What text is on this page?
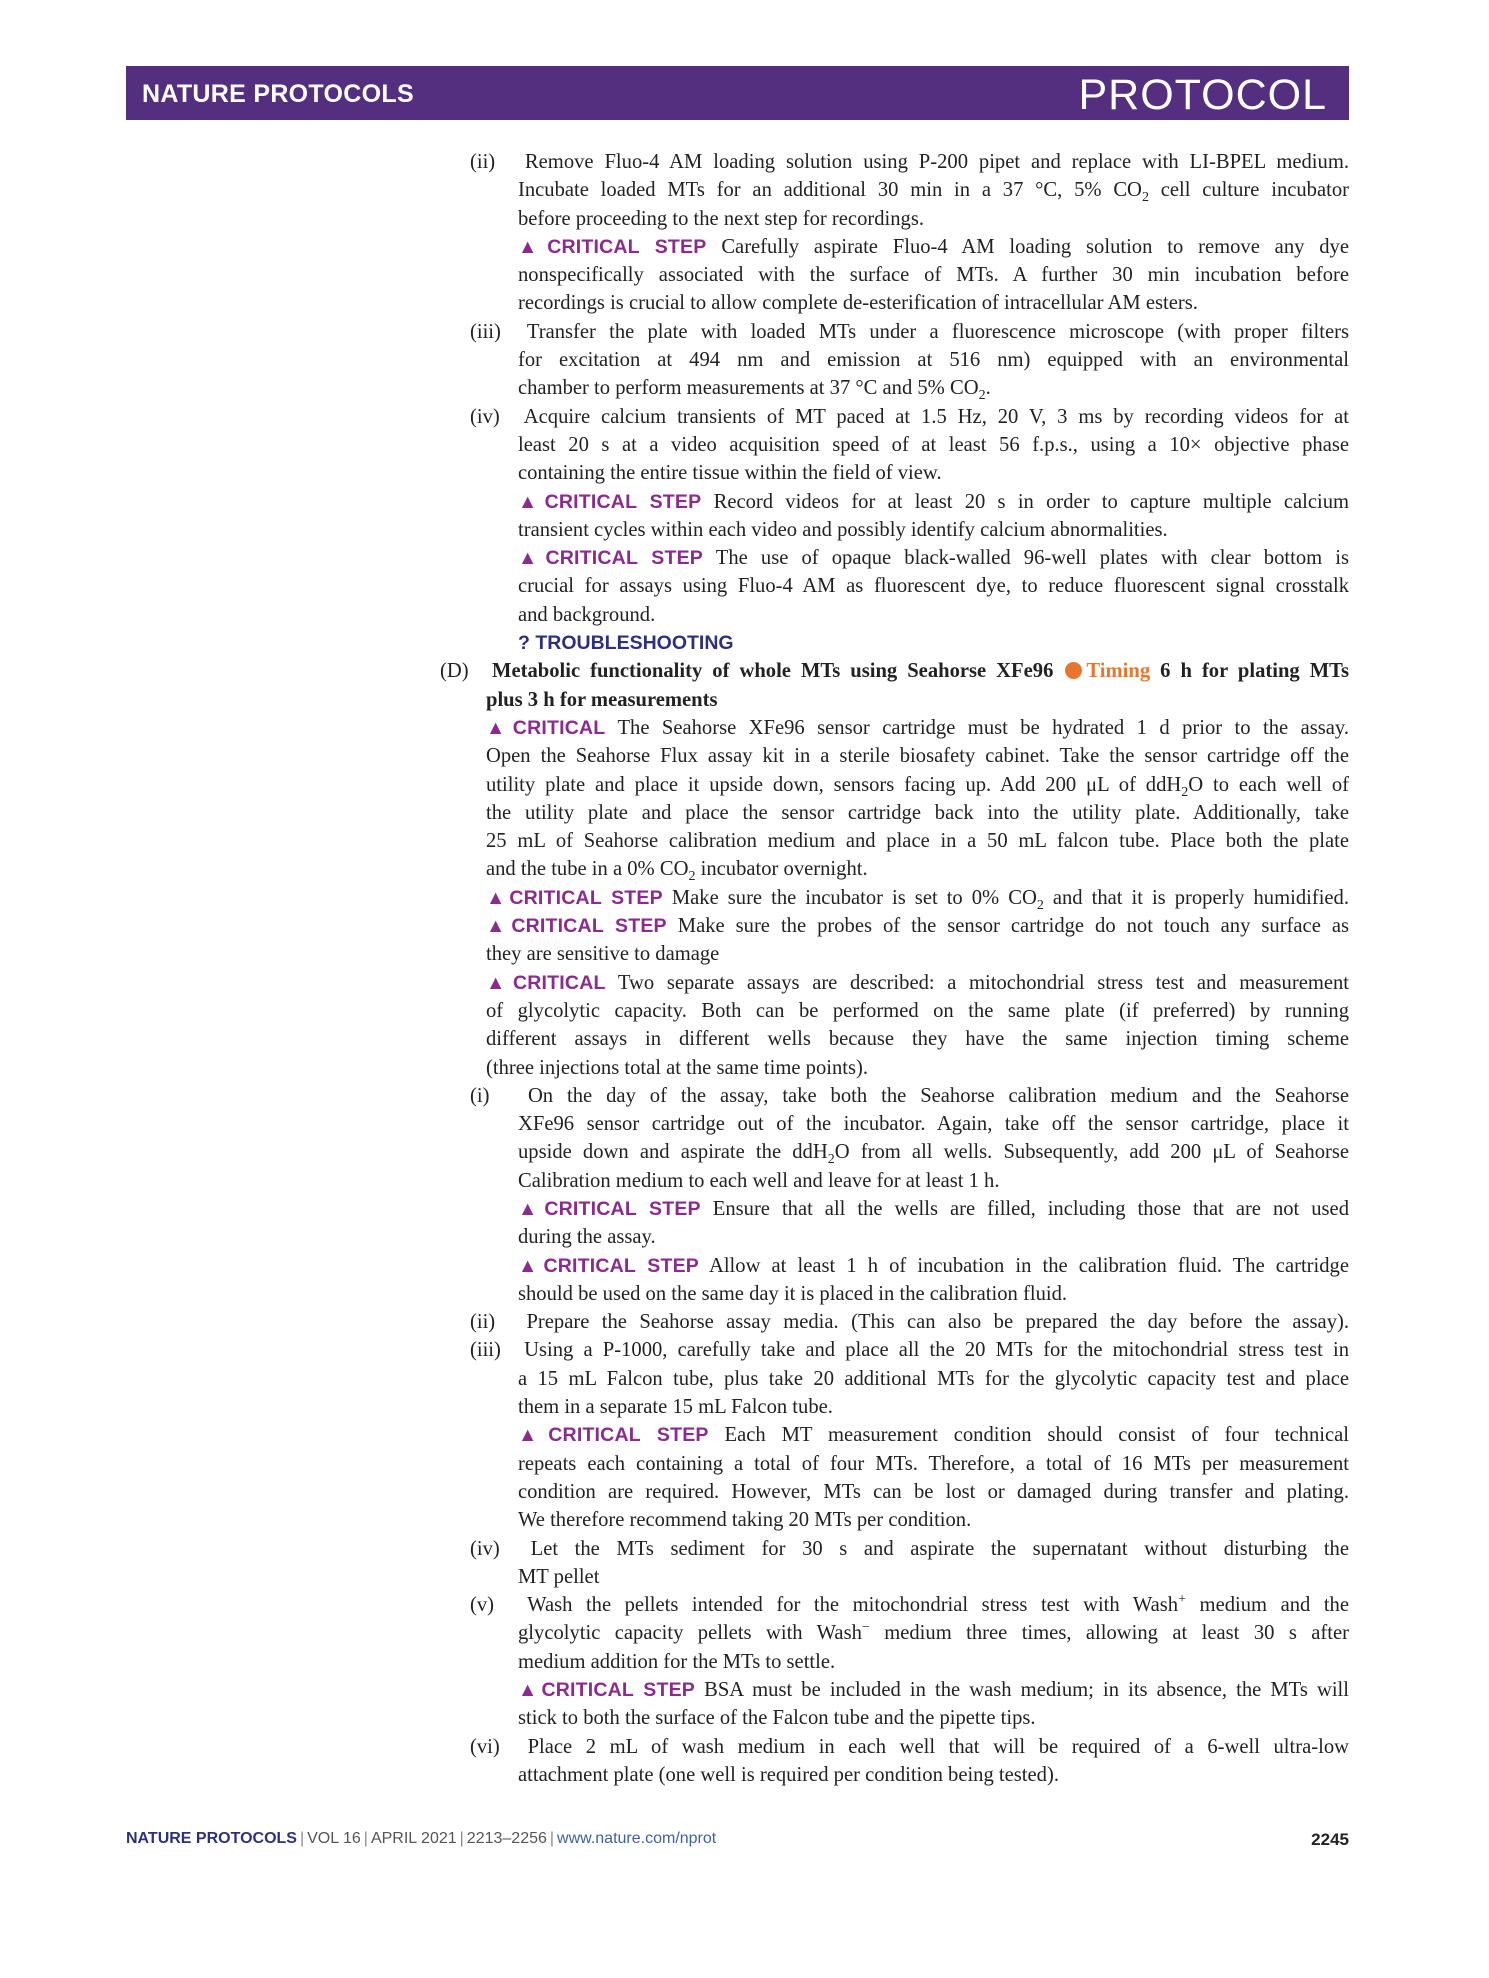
NATURE PROTOCOLS	PROTOCOL
(ii) Remove Fluo-4 AM loading solution using P-200 pipet and replace with LI-BPEL medium.
Incubate loaded MTs for an additional 30 min in a 37 °C, 5% $CO_2$ cell culture incubator
before proceeding to the next step for recordings.
▲CRITICAL STEP Carefully aspirate Fluo-4 AM loading solution to remove any dye
nonspecifically associated with the surface of MTs. A further 30 min incubation before
recordings is crucial to allow complete de-esterification of intracellular AM esters.
(iii) Transfer the plate with loaded MTs under a fluorescence microscope (with proper filters
for excitation at 494 nm and emission at 516 nm) equipped with an environmental
chamber to perform measurements at 37 °C and 5% $CO_2$.
(iv) Acquire calcium transients of MT paced at 1.5 Hz, 20 V, 3 ms by recording videos for at
least 20 s at a video acquisition speed of at least 56 f.p.s., using a 10× objective phase
containing the entire tissue within the field of view.
▲CRITICAL STEP Record videos for at least 20 s in order to capture multiple calcium
transient cycles within each video and possibly identify calcium abnormalities.
▲CRITICAL STEP The use of opaque black-walled 96-well plates with clear bottom is
crucial for assays using Fluo-4 AM as fluorescent dye, to reduce fluorescent signal crosstalk
and background.
? TROUBLESHOOTING
(D) Metabolic functionality of whole MTs using Seahorse XFe96 Timing 6 h for plating MTs
plus 3 h for measurements
▲CRITICAL The Seahorse XFe96 sensor cartridge must be hydrated 1 d prior to the assay.
Open the Seahorse Flux assay kit in a sterile biosafety cabinet. Take the sensor cartridge off the
utility plate and place it upside down, sensors facing up. Add 200 μL of ddH$_2$O to each well of
the utility plate and place the sensor cartridge back into the utility plate. Additionally, take
25 mL of Seahorse calibration medium and place in a 50 mL falcon tube. Place both the plate
and the tube in a 0% $CO_2$ incubator overnight.
▲CRITICAL STEP Make sure the incubator is set to 0% $CO_2$ and that it is properly humidified.
▲CRITICAL STEP Make sure the probes of the sensor cartridge do not touch any surface as
they are sensitive to damage
▲CRITICAL Two separate assays are described: a mitochondrial stress test and measurement
of glycolytic capacity. Both can be performed on the same plate (if preferred) by running
different assays in different wells because they have the same injection timing scheme
(three injections total at the same time points).
(i) On the day of the assay, take both the Seahorse calibration medium and the Seahorse
XFe96 sensor cartridge out of the incubator. Again, take off the sensor cartridge, place it
upside down and aspirate the ddH$_2$O from all wells. Subsequently, add 200 μL of Seahorse
Calibration medium to each well and leave for at least 1 h.
▲CRITICAL STEP Ensure that all the wells are filled, including those that are not used
during the assay.
▲CRITICAL STEP Allow at least 1 h of incubation in the calibration fluid. The cartridge
should be used on the same day it is placed in the calibration fluid.
(ii) Prepare the Seahorse assay media. (This can also be prepared the day before the assay).
(iii) Using a P-1000, carefully take and place all the 20 MTs for the mitochondrial stress test in
a 15 mL Falcon tube, plus take 20 additional MTs for the glycolytic capacity test and place
them in a separate 15 mL Falcon tube.
▲CRITICAL STEP Each MT measurement condition should consist of four technical
repeats each containing a total of four MTs. Therefore, a total of 16 MTs per measurement
condition are required. However, MTs can be lost or damaged during transfer and plating.
We therefore recommend taking 20 MTs per condition.
(iv) Let the MTs sediment for 30 s and aspirate the supernatant without disturbing the
MT pellet
(v) Wash the pellets intended for the mitochondrial stress test with Wash+ medium and the
glycolytic capacity pellets with Wash− medium three times, allowing at least 30 s after
medium addition for the MTs to settle.
▲CRITICAL STEP BSA must be included in the wash medium; in its absence, the MTs will
stick to both the surface of the Falcon tube and the pipette tips.
(vi) Place 2 mL of wash medium in each well that will be required of a 6-well ultra-low
attachment plate (one well is required per condition being tested).
NATURE PROTOCOLS | VOL 16 | APRIL 2021 | 2213–2256 | www.nature.com/nprot	2245
